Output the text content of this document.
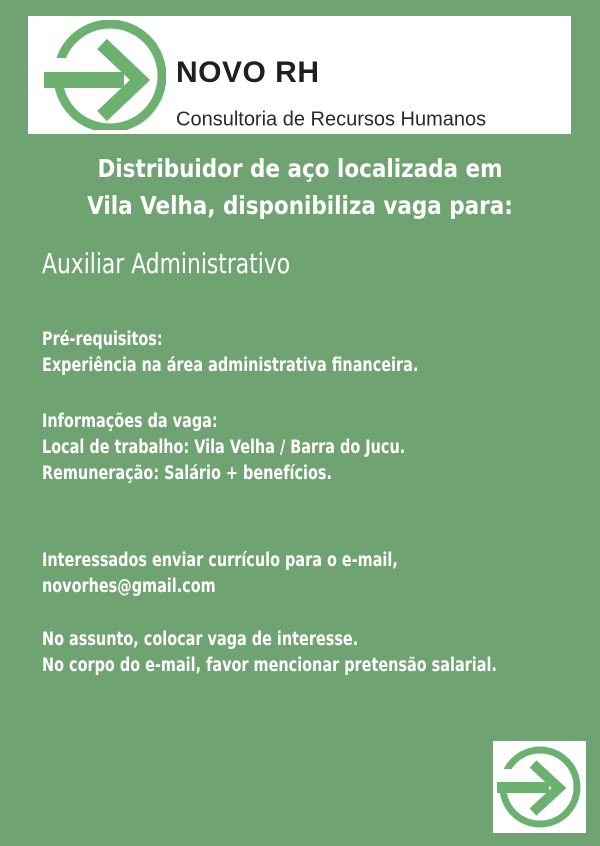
NOVO RH
Consultoria de Recursos Humanos
Distribuidor de aço localizada em
Vila Velha, disponibiliza vaga para:
Auxiliar Administrativo
Pré-requisitos:
Experiência na área administrativa financeira.
Informações da vaga:
Local de trabalho: Vila Velha / Barra do Jucu.
Remuneração: Salário + benefícios.
Interessados enviar currículo para o e-mail,
novorhes@gmail.com
No assunto, colocar vaga de interesse.
No corpo do e-mail, favor mencionar pretensão salarial.
